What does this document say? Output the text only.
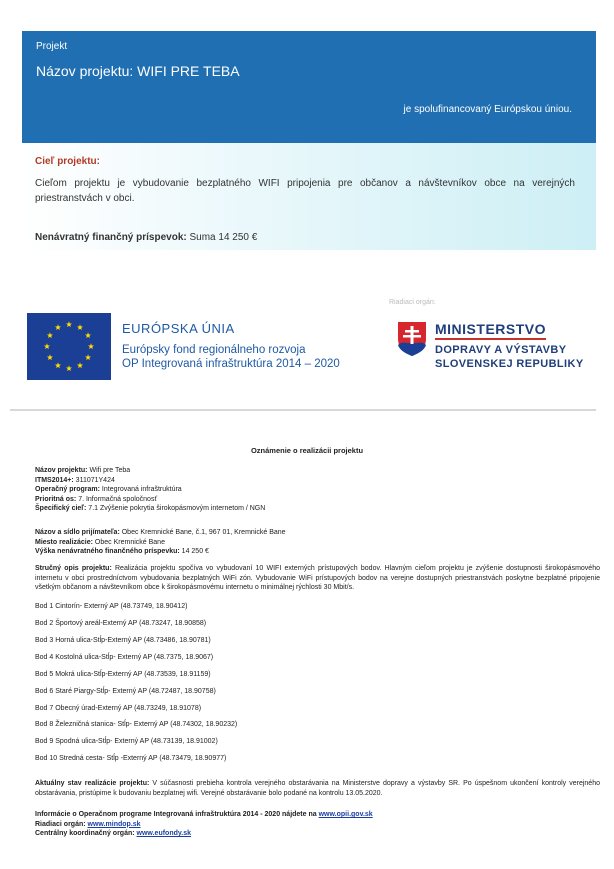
Projekt
Názov projektu: WIFI PRE TEBA
je spolufinancovaný Európskou úniou.
Cieľ projektu:
Cieľom projektu je vybudovanie bezplatného WIFI pripojenia pre občanov a návštevníkov obce na verejných priestranstvách v obci.
Nenávratný finančný príspevok: Suma 14 250 €
Riadiaci orgán:
EURÓPSKA ÚNIA
Európsky fond regionálneho rozvoja
OP Integrovaná infraštruktúra 2014 – 2020
MINISTERSTVO
DOPRAVY A VÝSTAVBY
SLOVENSKEJ REPUBLIKY
Oznámenie o realizácii projektu
Názov projektu: Wifi pre Teba
ITMS2014+: 311071Y424
Operačný program: Integrovaná infraštruktúra
Prioritná os: 7. Informačná spoločnosť
Špecifický cieľ: 7.1 Zvýšenie pokrytia širokopásmovým internetom / NGN
Názov a sídlo prijímateľa: Obec Kremnické Bane, č.1, 967 01, Kremnické Bane
Miesto realizácie: Obec Kremnické Bane
Výška nenávratného finančného príspevku: 14 250 €
Stručný opis projektu: Realizácia projektu spočíva vo vybudovaní 10 WIFI externých prístupových bodov. Hlavným cieľom projektu je zvýšenie dostupnosti širokopásmového internetu v obci prostredníctvom vybudovania bezplatných WiFi zón. Vybudovanie WiFi prístupových bodov na verejne dostupných priestranstvách poskytne bezplatné pripojenie všetkým občanom a návštevníkom obce k širokopásmovému internetu o minimálnej rýchlosti 30 Mbit/s.
Bod 1 Cintorín- Externý AP (48.73749, 18.90412)
Bod 2 Športový areál-Externý AP (48.73247, 18.90858)
Bod 3 Horná ulica-Stĺp-Externý AP (48.73486, 18.90781)
Bod 4 Kostolná ulica-Stĺp- Externý AP (48.7375, 18.9067)
Bod 5 Mokrá ulica-Stĺp-Externý AP (48.73539, 18.91159)
Bod 6 Staré Piargy-Stĺp- Externý AP (48.72487, 18.90758)
Bod 7 Obecný úrad-Externý AP (48.73249, 18.91078)
Bod 8 Železničná stanica- Stĺp- Externý AP (48.74302, 18.90232)
Bod 9 Spodná ulica-Stĺp- Externý AP (48.73139, 18.91002)
Bod 10 Stredná cesta- Stĺp -Externý AP (48.73479, 18.90977)
Aktuálny stav realizácie projektu: V súčasnosti prebieha kontrola verejného obstarávania na Ministerstve dopravy a výstavby SR. Po úspešnom ukončení kontroly verejného obstarávania, pristúpime k budovaniu bezplatnej wifi. Verejné obstarávanie bolo podané na kontrolu 13.05.2020.
Informácie o Operačnom programe Integrovaná infraštruktúra 2014 - 2020 nájdete na www.opii.gov.sk
Riadiaci orgán: www.mindop.sk
Centrálny koordinačný orgán: www.eufondy.sk
